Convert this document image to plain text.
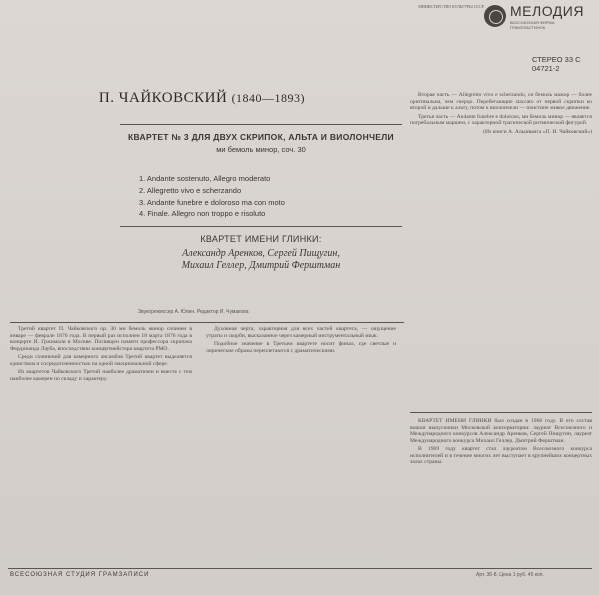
МИНИСТЕРСТВО КУЛЬТУРЫ СССР МЕЛОДИЯ
ВСЕСОЮЗНАЯ ФИРМА ГРАМПЛАСТИНОК
СТЕРЕО 33 С 04721-2
П. ЧАЙКОВСКИЙ (1840—1893)
КВАРТЕТ № 3 ДЛЯ ДВУХ СКРИПОК, АЛЬТА И ВИОЛОНЧЕЛИ
ми бемоль минор, соч. 30
1. Andante sostenuto, Allegro moderato
2. Allegretto vivo e scherzando
3. Andante funebre e doloroso ma con moto
4. Finale. Allegro non troppo e risoluto
КВАРТЕТ ИМЕНИ ГЛИНКИ:
Александр Аренков, Сергей Пищугин,
Михаил Геллер, Дмитрий Ферштман
Звукорежиссер А. Юлин. Редактор И. Чумакова

Третий квартет П. Чайковского ор. 30 ми бемоль минор сочинен в январе — феврале 1876 года. В первый раз исполнен 18 марта 1876 года в концерте И. Гржимали в Москве. Посвящен памяти профессора скрипача Фердинанда Лауба, впоследствии концертмейстера квартета РМО.

Среди сочинений для камерного ансамбля Третий квартет выделяется единством и сосредоточенностью на одной эмоциональной сфере.

Из квартетов Чайковского Третий наиболее драматичен и вместе с тем наиболее камерен по складу и характеру.

Духовная черта, характерная для всех частей квартета, — ощущение утраты и скорби, высказанное через камерный инструментальный язык.

Подобное значение в Третьем квартете носит финал, где светлые и лирические образы переплетаются с драматическими.

Вторая часть — Allegretto vivo e scherzando, си бемоль мажор — более оригинальна, чем скерцо. Перебегающие staccato от первой скрипки ко второй и дальше к альту, потом к виолончели — поистине живое движение.

Третья часть — Andante funebre e doloroso, ми бемоль минор — является погребальным маршем, с характерной трагической ритмической фигурой.

(Из книги А. Альшванга «П. И. Чайковский»)

КВАРТЕТ ИМЕНИ ГЛИНКИ был создан в 1966 году. В его состав вошли выпускники Московской консерватории: лауреат Всесоюзного и Международного конкурсов Александр Аренков, Сергей Пищугин, лауреат Международного конкурса Михаил Геллер, Дмитрий Ферштман.

В 1969 году квартет стал лауреатом Всесоюзного конкурса исполнителей и в течение многих лет выступает в крупнейших концертных залах страны.

ВСЕСОЮЗНАЯ СТУДИЯ ГРАМЗАПИСИ	Арт. 36-8. Цена 1 руб. 45 коп.
